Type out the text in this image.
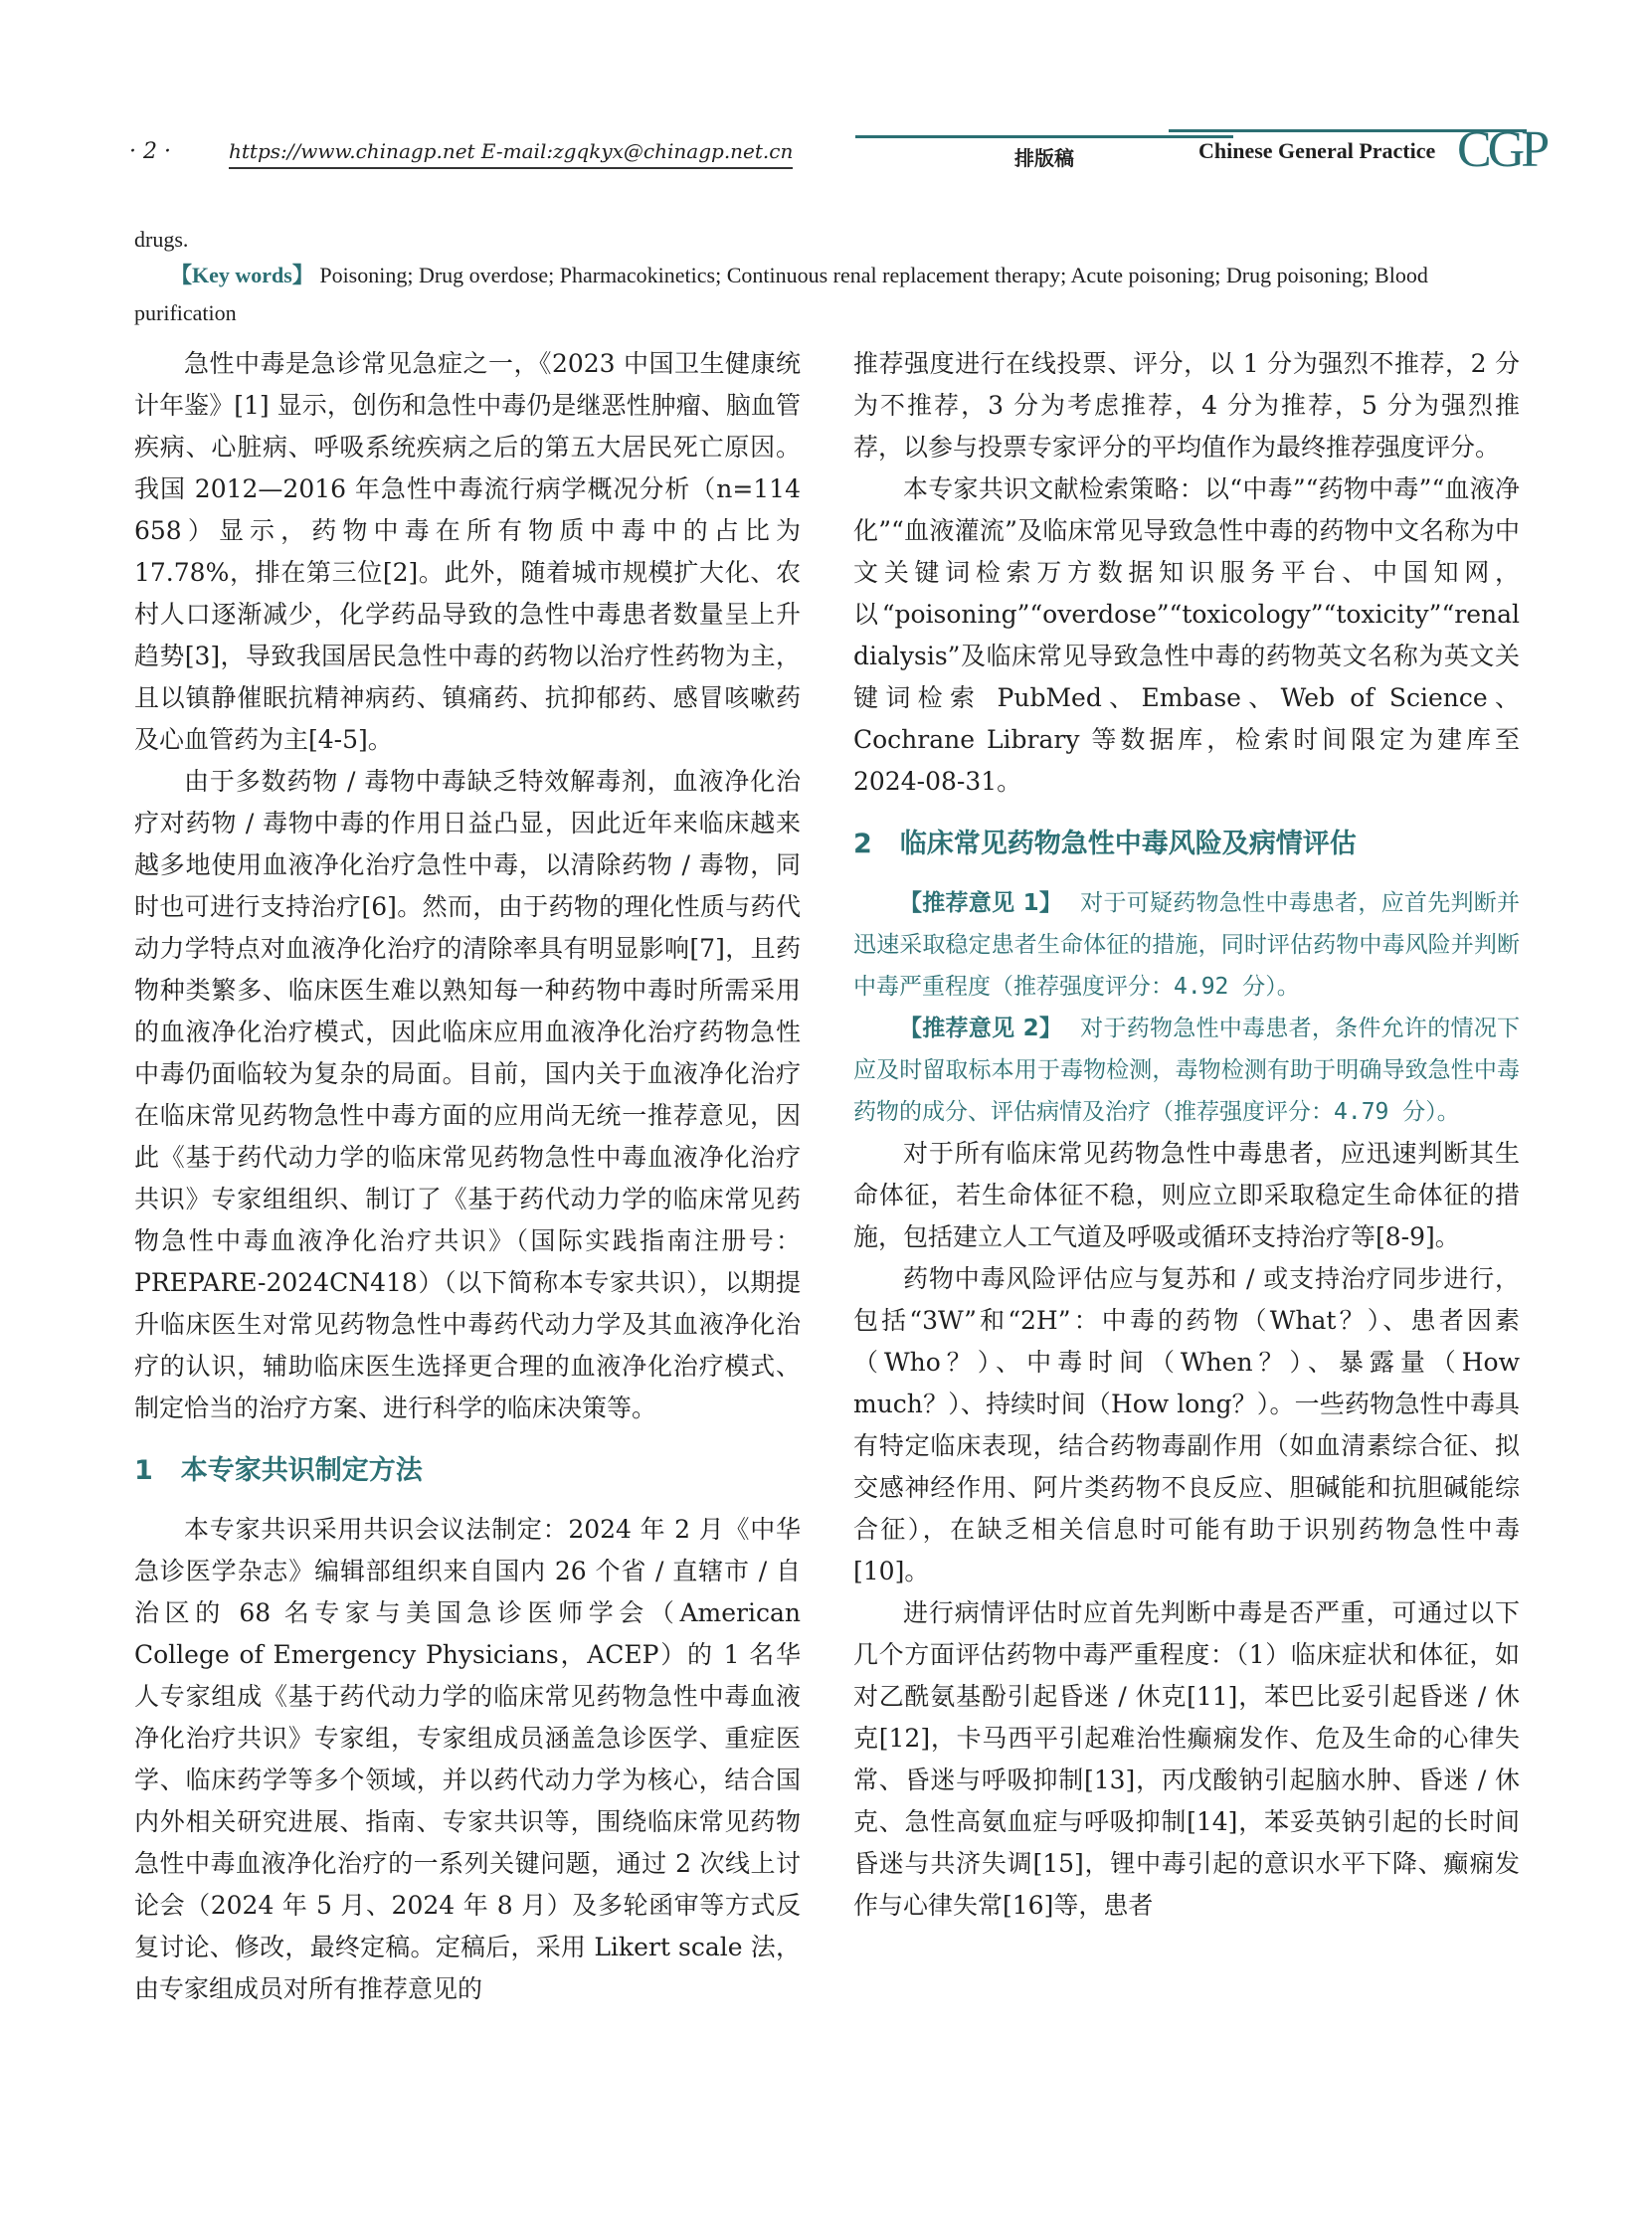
· 2 ·	https://www.chinagp.net E-mail:zgqkyx@chinagp.net.cn	排版稿	Chinese General Practice CGP
drugs.
【Key words】 Poisoning; Drug overdose; Pharmacokinetics; Continuous renal replacement therapy; Acute poisoning; Drug poisoning; Blood purification

急性中毒是急诊常见急症之一，《2023 中国卫生健康统计年鉴》[1] 显示，创伤和急性中毒仍是继恶性肿瘤、脑血管疾病、心脏病、呼吸系统疾病之后的第五大居民死亡原因。我国 2012—2016 年急性中毒流行病学概况分析（n=114 658）显示，药物中毒在所有物质中毒中的占比为 17.78%，排在第三位[2]。此外，随着城市规模扩大化、农村人口逐渐减少，化学药品导致的急性中毒患者数量呈上升趋势[3]，导致我国居民急性中毒的药物以治疗性药物为主，且以镇静催眠抗精神病药、镇痛药、抗抑郁药、感冒咳嗽药及心血管药为主[4-5]。

由于多数药物 / 毒物中毒缺乏特效解毒剂，血液净化治疗对药物 / 毒物中毒的作用日益凸显，因此近年来临床越来越多地使用血液净化治疗急性中毒，以清除药物 / 毒物，同时也可进行支持治疗[6]。然而，由于药物的理化性质与药代动力学特点对血液净化治疗的清除率具有明显影响[7]，且药物种类繁多、临床医生难以熟知每一种药物中毒时所需采用的血液净化治疗模式，因此临床应用血液净化治疗药物急性中毒仍面临较为复杂的局面。目前，国内关于血液净化治疗在临床常见药物急性中毒方面的应用尚无统一推荐意见，因此《基于药代动力学的临床常见药物急性中毒血液净化治疗共识》专家组组织、制订了《基于药代动力学的临床常见药物急性中毒血液净化治疗共识》（国际实践指南注册号：PREPARE-2024CN418）（以下简称本专家共识），以期提升临床医生对常见药物急性中毒药代动力学及其血液净化治疗的认识，辅助临床医生选择更合理的血液净化治疗模式、制定恰当的治疗方案、进行科学的临床决策等。

1 本专家共识制定方法

本专家共识采用共识会议法制定：2024 年 2 月《中华急诊医学杂志》编辑部组织来自国内 26 个省 / 直辖市 / 自治区的 68 名专家与美国急诊医师学会（American College of Emergency Physicians，ACEP）的 1 名华人专家组成《基于药代动力学的临床常见药物急性中毒血液净化治疗共识》专家组，专家组成员涵盖急诊医学、重症医学、临床药学等多个领域，并以药代动力学为核心，结合国内外相关研究进展、指南、专家共识等，围绕临床常见药物急性中毒血液净化治疗的一系列关键问题，通过 2 次线上讨论会（2024 年 5 月、2024 年 8 月）及多轮函审等方式反复讨论、修改，最终定稿。定稿后，采用 Likert scale 法，由专家组成员对所有推荐意见的

推荐强度进行在线投票、评分，以 1 分为强烈不推荐，2 分为不推荐，3 分为考虑推荐，4 分为推荐，5 分为强烈推荐，以参与投票专家评分的平均值作为最终推荐强度评分。

本专家共识文献检索策略：以“中毒”“药物中毒”“血液净化”“血液灌流”及临床常见导致急性中毒的药物中文名称为中文关键词检索万方数据知识服务平台、中国知网，以“poisoning”“overdose”“toxicology”“toxicity”“renal dialysis”及临床常见导致急性中毒的药物英文名称为英文关键词检索 PubMed、Embase、Web of Science、Cochrane Library 等数据库，检索时间限定为建库至 2024-08-31。

2 临床常见药物急性中毒风险及病情评估

【推荐意见 1】 对于可疑药物急性中毒患者，应首先判断并迅速采取稳定患者生命体征的措施，同时评估药物中毒风险并判断中毒严重程度（推荐强度评分：4.92 分）。

【推荐意见 2】 对于药物急性中毒患者，条件允许的情况下应及时留取标本用于毒物检测，毒物检测有助于明确导致急性中毒药物的成分、评估病情及治疗（推荐强度评分：4.79 分）。

对于所有临床常见药物急性中毒患者，应迅速判断其生命体征，若生命体征不稳，则应立即采取稳定生命体征的措施，包括建立人工气道及呼吸或循环支持治疗等[8-9]。

药物中毒风险评估应与复苏和 / 或支持治疗同步进行，包括“3W”和“2H”：中毒的药物（What？）、患者因素（Who？）、中毒时间（When？）、暴露量（How much？）、持续时间（How long？）。一些药物急性中毒具有特定临床表现，结合药物毒副作用（如血清素综合征、拟交感神经作用、阿片类药物不良反应、胆碱能和抗胆碱能综合征），在缺乏相关信息时可能有助于识别药物急性中毒[10]。

进行病情评估时应首先判断中毒是否严重，可通过以下几个方面评估药物中毒严重程度：（1）临床症状和体征，如对乙酰氨基酚引起昏迷 / 休克[11]，苯巴比妥引起昏迷 / 休克[12]，卡马西平引起难治性癫痫发作、危及生命的心律失常、昏迷与呼吸抑制[13]，丙戊酸钠引起脑水肿、昏迷 / 休克、急性高氨血症与呼吸抑制[14]，苯妥英钠引起的长时间昏迷与共济失调[15]，锂中毒引起的意识水平下降、癫痫发作与心律失常[16]等，患者
